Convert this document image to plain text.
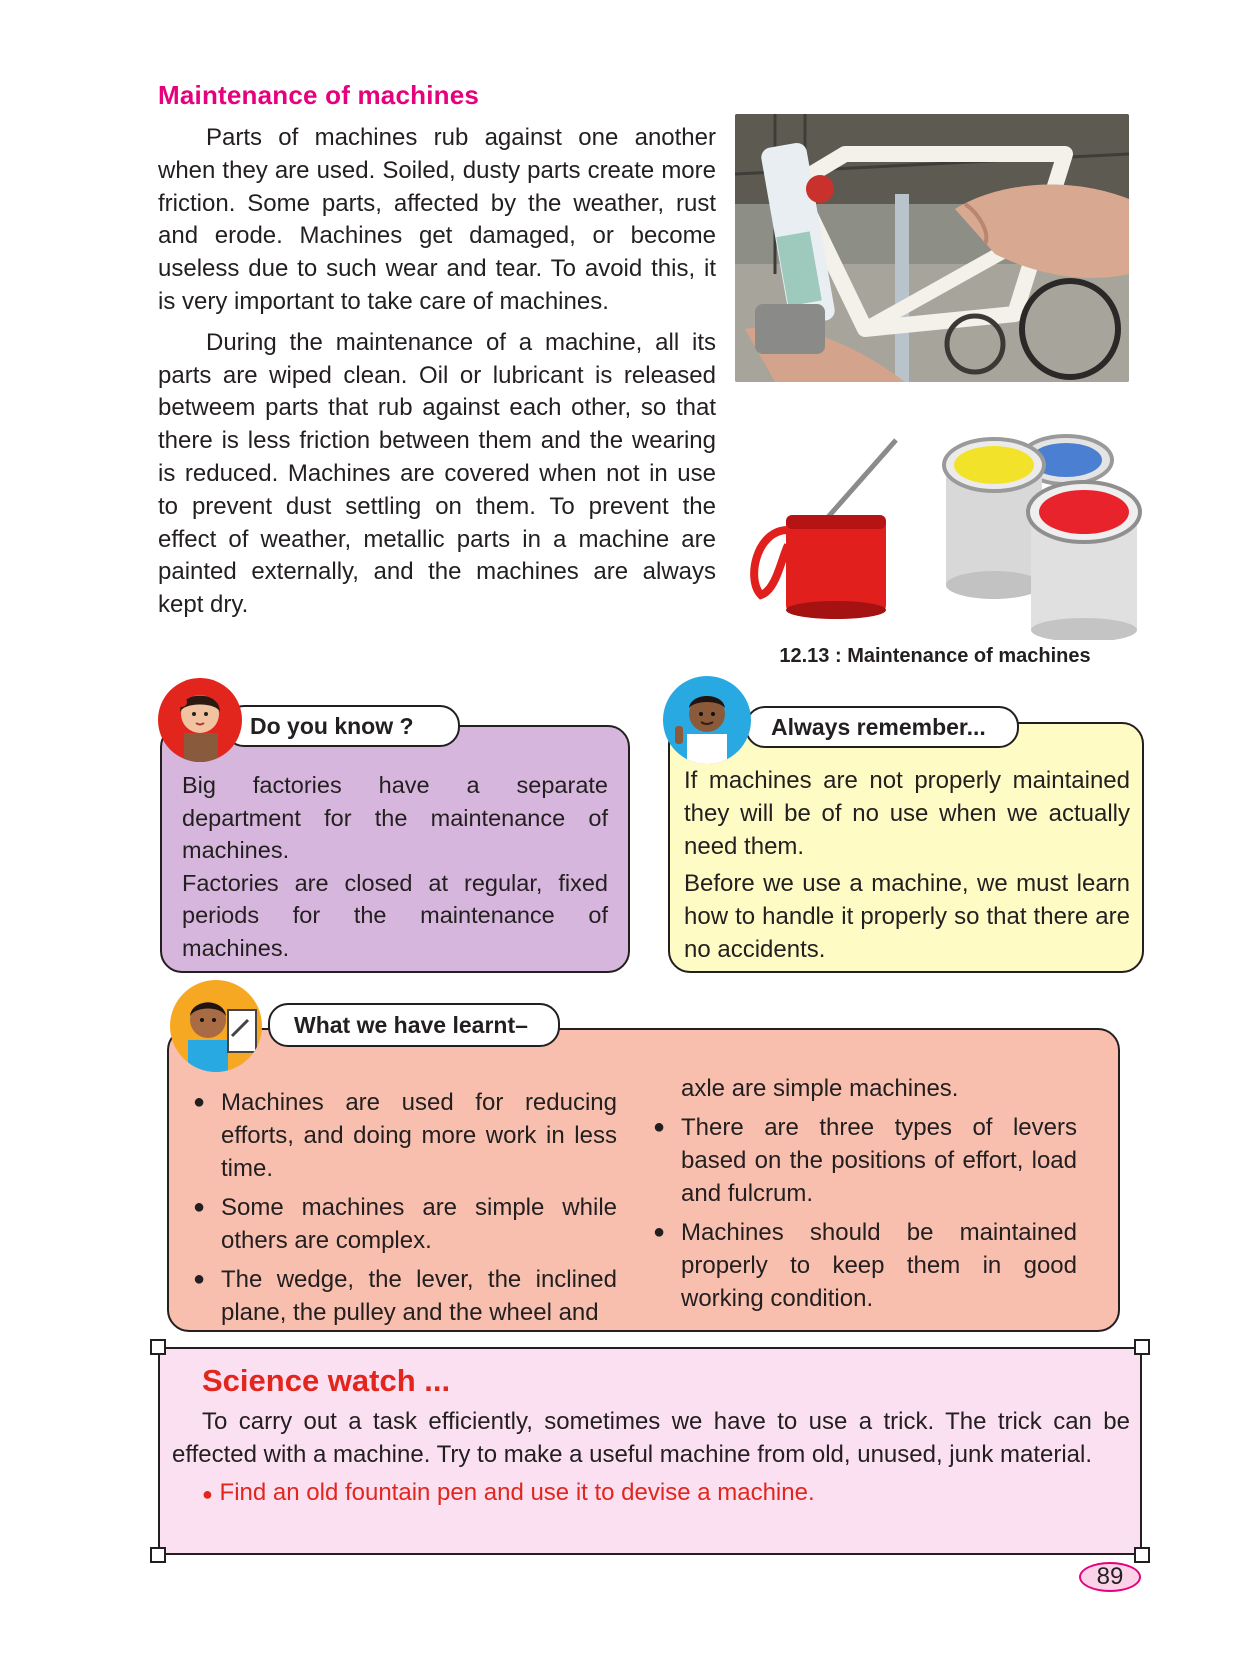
Maintenance of machines

Parts of machines rub against one another when they are used. Soiled, dusty parts create more friction. Some parts, affected by the weather, rust and erode. Machines get damaged, or become useless due to such wear and tear. To avoid this, it is very important to take care of machines.

During the maintenance of a machine, all its parts are wiped clean. Oil or lubricant is released betweem parts that rub against each other, so that there is less friction between them and the wearing is reduced. Machines are covered when not in use to prevent dust settling on them. To prevent the effect of weather, metallic parts in a machine are painted externally, and the machines are always kept dry.

12.13 : Maintenance of machines

Big factories have a separate department for the maintenance of machines.

Factories are closed at regular, fixed periods for the maintenance of machines.

Do you know ?

If machines are not properly maintained they will be of no use when we actually need them.

Before we use a machine, we must learn how to handle it properly so that there are no accidents.

Always remember...
● Machines are used for reducing efforts, and doing more work in less time.
● Some machines are simple while others are complex.
● The wedge, the lever, the inclined plane, the pulley and the wheel and
axle are simple machines.
● There are three types of levers based on the positions of effort, load and fulcrum.
● Machines should be maintained properly to keep them in good working condition.
What we have learnt–
Science watch ...

To carry out a task efficiently, sometimes we have to use a trick. The trick can be effected with a machine. Try to make a useful machine from old, unused, junk material.

● Find an old fountain pen and use it to devise a machine.

89
